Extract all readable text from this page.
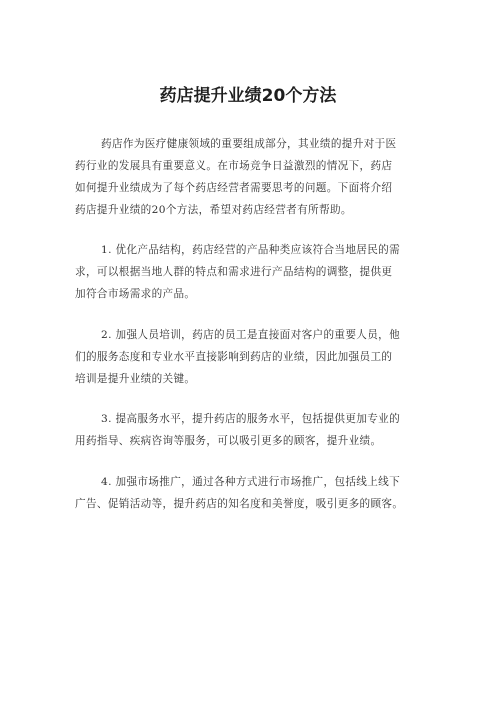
药店提升业绩20个方法
药店作为医疗健康领域的重要组成部分，其业绩的提升对于医
药行业的发展具有重要意义。在市场竞争日益激烈的情况下，药店
如何提升业绩成为了每个药店经营者需要思考的问题。下面将介绍
药店提升业绩的20个方法，希望对药店经营者有所帮助。
1. 优化产品结构，药店经营的产品种类应该符合当地居民的需
求，可以根据当地人群的特点和需求进行产品结构的调整，提供更
加符合市场需求的产品。
2. 加强人员培训，药店的员工是直接面对客户的重要人员，他
们的服务态度和专业水平直接影响到药店的业绩，因此加强员工的
培训是提升业绩的关键。
3. 提高服务水平，提升药店的服务水平，包括提供更加专业的
用药指导、疾病咨询等服务，可以吸引更多的顾客，提升业绩。
4. 加强市场推广，通过各种方式进行市场推广，包括线上线下
广告、促销活动等，提升药店的知名度和美誉度，吸引更多的顾客。
